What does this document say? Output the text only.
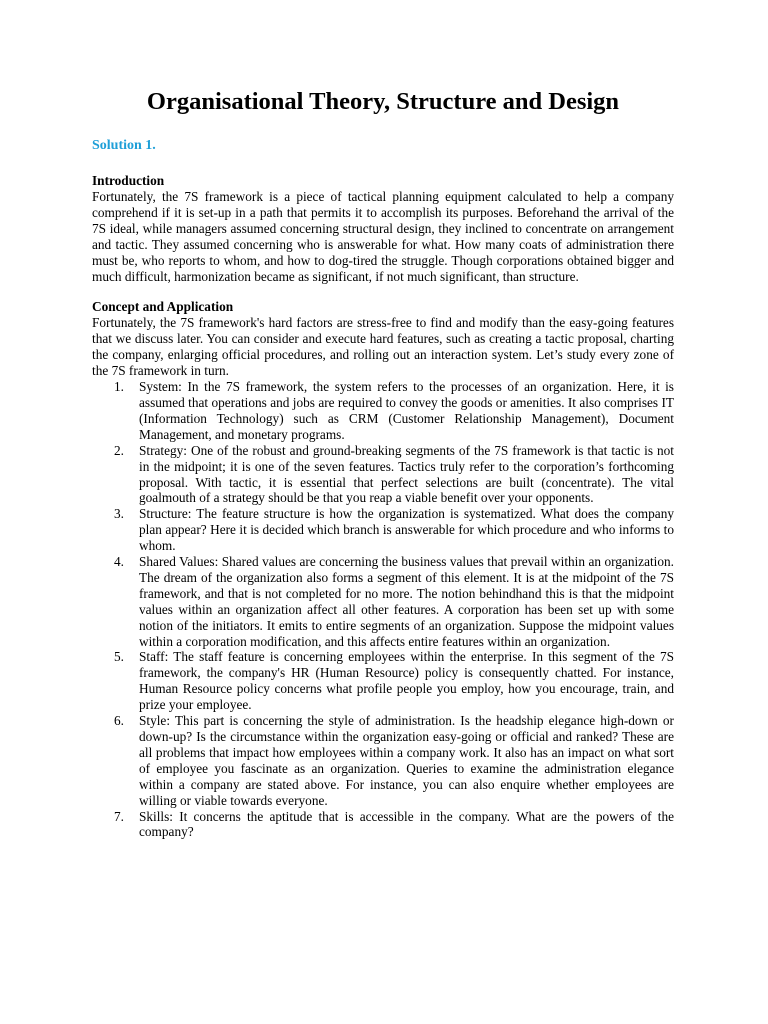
Organisational Theory, Structure and Design
Solution 1.
Introduction

Fortunately, the 7S framework is a piece of tactical planning equipment calculated to help a company comprehend if it is set-up in a path that permits it to accomplish its purposes. Beforehand the arrival of the 7S ideal, while managers assumed concerning structural design, they inclined to concentrate on arrangement and tactic. They assumed concerning who is answerable for what. How many coats of administration there must be, who reports to whom, and how to dog-tired the struggle. Though corporations obtained bigger and much difficult, harmonization became as significant, if not much significant, than structure.

Concept and Application

Fortunately, the 7S framework's hard factors are stress-free to find and modify than the easy-going features that we discuss later. You can consider and execute hard features, such as creating a tactic proposal, charting the company, enlarging official procedures, and rolling out an interaction system. Let’s study every zone of the 7S framework in turn.

1. System: In the 7S framework, the system refers to the processes of an organization. Here, it is assumed that operations and jobs are required to convey the goods or amenities. It also comprises IT (Information Technology) such as CRM (Customer Relationship Management), Document Management, and monetary programs.
2. Strategy: One of the robust and ground-breaking segments of the 7S framework is that tactic is not in the midpoint; it is one of the seven features. Tactics truly refer to the corporation’s forthcoming proposal. With tactic, it is essential that perfect selections are built (concentrate). The vital goalmouth of a strategy should be that you reap a viable benefit over your opponents.
3. Structure: The feature structure is how the organization is systematized. What does the company plan appear? Here it is decided which branch is answerable for which procedure and who informs to whom.
4. Shared Values: Shared values are concerning the business values that prevail within an organization. The dream of the organization also forms a segment of this element. It is at the midpoint of the 7S framework, and that is not completed for no more. The notion behindhand this is that the midpoint values within an organization affect all other features. A corporation has been set up with some notion of the initiators. It emits to entire segments of an organization. Suppose the midpoint values within a corporation modification, and this affects entire features within an organization.
5. Staff: The staff feature is concerning employees within the enterprise. In this segment of the 7S framework, the company's HR (Human Resource) policy is consequently chatted. For instance, Human Resource policy concerns what profile people you employ, how you encourage, train, and prize your employee.
6. Style: This part is concerning the style of administration. Is the headship elegance high-down or down-up? Is the circumstance within the organization easy-going or official and ranked? These are all problems that impact how employees within a company work. It also has an impact on what sort of employee you fascinate as an organization. Queries to examine the administration elegance within a company are stated above. For instance, you can also enquire whether employees are willing or viable towards everyone.
7. Skills: It concerns the aptitude that is accessible in the company. What are the powers of the company?
